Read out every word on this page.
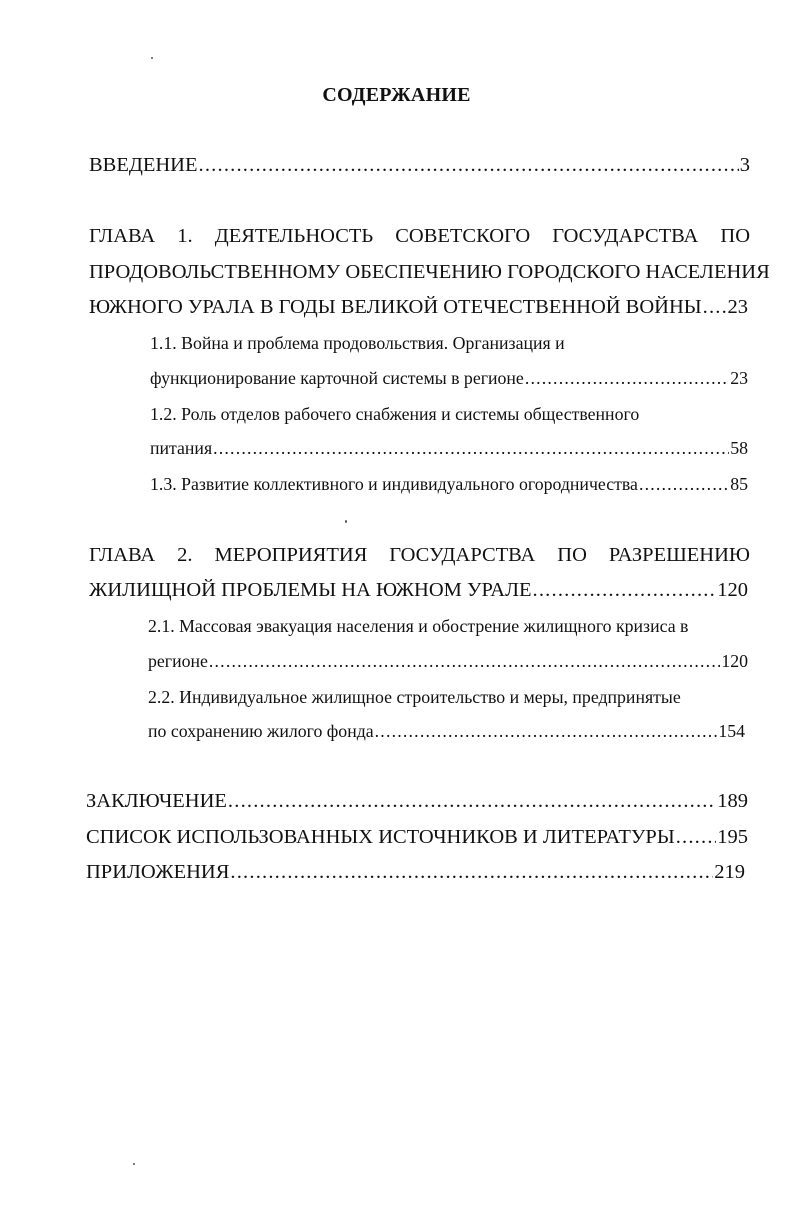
СОДЕРЖАНИЕ
ВВЕДЕНИЕ .....	3
ГЛАВА 1. ДЕЯТЕЛЬНОСТЬ СОВЕТСКОГО ГОСУДАРСТВА ПО
ПРОДОВОЛЬСТВЕННОМУ ОБЕСПЕЧЕНИЮ ГОРОДСКОГО НАСЕЛЕНИЯ
ЮЖНОГО УРАЛА В ГОДЫ ВЕЛИКОЙ ОТЕЧЕСТВЕННОЙ ВОЙНЫ ..... 23
1.1. Война и проблема продовольствия. Организация и
функционирование карточной системы в регионе .....	23
1.2. Роль отделов рабочего снабжения и системы общественного
питания .....	58
1.3. Развитие коллективного и индивидуального огородничества .....	85
ГЛАВА 2. МЕРОПРИЯТИЯ ГОСУДАРСТВА ПО РАЗРЕШЕНИЮ
ЖИЛИЩНОЙ ПРОБЛЕМЫ НА ЮЖНОМ УРАЛЕ .....	120
2.1. Массовая эвакуация населения и обострение жилищного кризиса в
регионе .....	120
2.2. Индивидуальное жилищное строительство и меры, предпринятые
по сохранению жилого фонда .....	154
ЗАКЛЮЧЕНИЕ .....	189
СПИСОК ИСПОЛЬЗОВАННЫХ ИСТОЧНИКОВ И ЛИТЕРАТУРЫ ..... 195
ПРИЛОЖЕНИЯ .....	219
